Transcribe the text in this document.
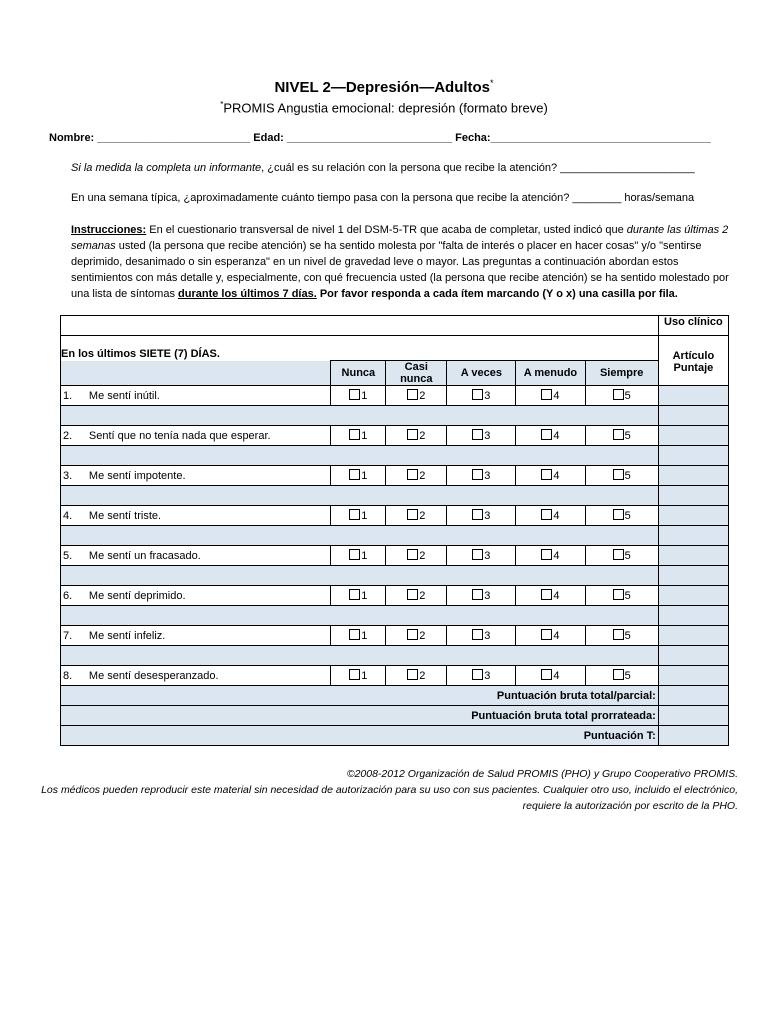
NIVEL 2—Depresión—Adultos*
*PROMIS Angustia emocional: depresión (formato breve)
Nombre: _________________________ Edad: ___________________________ Fecha:____________________________________
Si la medida la completa un informante, ¿cuál es su relación con la persona que recibe la atención? ______________________
En una semana típica, ¿aproximadamente cuánto tiempo pasa con la persona que recibe la atención? ________ horas/semana
Instrucciones: En el cuestionario transversal de nivel 1 del DSM-5-TR que acaba de completar, usted indicó que durante las últimas 2 semanas usted (la persona que recibe atención) se ha sentido molesta por "falta de interés o placer en hacer cosas" y/o "sentirse deprimido, desanimado o sin esperanza" en un nivel de gravedad leve o mayor. Las preguntas a continuación abordan estos sentimientos con más detalle y, especialmente, con qué frecuencia usted (la persona que recibe atención) se ha sentido molestado por una lista de síntomas durante los últimos 7 días. Por favor responda a cada ítem marcando (Y o x) una casilla por fila.
							Uso clínico
En los últimos SIETE (7) DÍAS.							Artículo Puntaje
		Nunca	Casi nunca	A veces	A menudo	Siempre	
1.	Me sentí inútil.	1	2	3	4	5	

2.	Sentí que no tenía nada que esperar.	1	2	3	4	5	

3.	Me sentí impotente.	1	2	3	4	5	

4.	Me sentí triste.	1	2	3	4	5	

5.	Me sentí un fracasado.	1	2	3	4	5	

6.	Me sentí deprimido.	1	2	3	4	5	

7.	Me sentí infeliz.	1	2	3	4	5	

8.	Me sentí desesperanzado.	1	2	3	4	5	
Puntuación bruta total/parcial:							
Puntuación bruta total prorrateada:							
Puntuación T:							
©2008-2012 Organización de Salud PROMIS (PHO) y Grupo Cooperativo PROMIS.
Los médicos pueden reproducir este material sin necesidad de autorización para su uso con sus pacientes. Cualquier otro uso, incluido el electrónico, requiere la autorización por escrito de la PHO.
